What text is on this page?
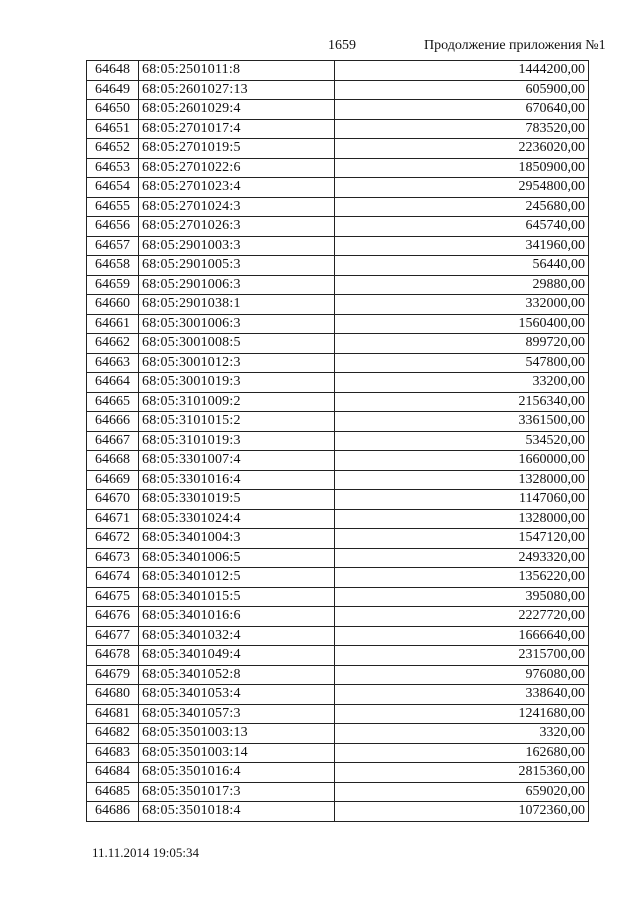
1659	Продолжение приложения №1
64648	68:05:2501011:8	1444200,00
64649	68:05:2601027:13	605900,00
64650	68:05:2601029:4	670640,00
64651	68:05:2701017:4	783520,00
64652	68:05:2701019:5	2236020,00
64653	68:05:2701022:6	1850900,00
64654	68:05:2701023:4	2954800,00
64655	68:05:2701024:3	245680,00
64656	68:05:2701026:3	645740,00
64657	68:05:2901003:3	341960,00
64658	68:05:2901005:3	56440,00
64659	68:05:2901006:3	29880,00
64660	68:05:2901038:1	332000,00
64661	68:05:3001006:3	1560400,00
64662	68:05:3001008:5	899720,00
64663	68:05:3001012:3	547800,00
64664	68:05:3001019:3	33200,00
64665	68:05:3101009:2	2156340,00
64666	68:05:3101015:2	3361500,00
64667	68:05:3101019:3	534520,00
64668	68:05:3301007:4	1660000,00
64669	68:05:3301016:4	1328000,00
64670	68:05:3301019:5	1147060,00
64671	68:05:3301024:4	1328000,00
64672	68:05:3401004:3	1547120,00
64673	68:05:3401006:5	2493320,00
64674	68:05:3401012:5	1356220,00
64675	68:05:3401015:5	395080,00
64676	68:05:3401016:6	2227720,00
64677	68:05:3401032:4	1666640,00
64678	68:05:3401049:4	2315700,00
64679	68:05:3401052:8	976080,00
64680	68:05:3401053:4	338640,00
64681	68:05:3401057:3	1241680,00
64682	68:05:3501003:13	3320,00
64683	68:05:3501003:14	162680,00
64684	68:05:3501016:4	2815360,00
64685	68:05:3501017:3	659020,00
64686	68:05:3501018:4	1072360,00
11.11.2014 19:05:34
